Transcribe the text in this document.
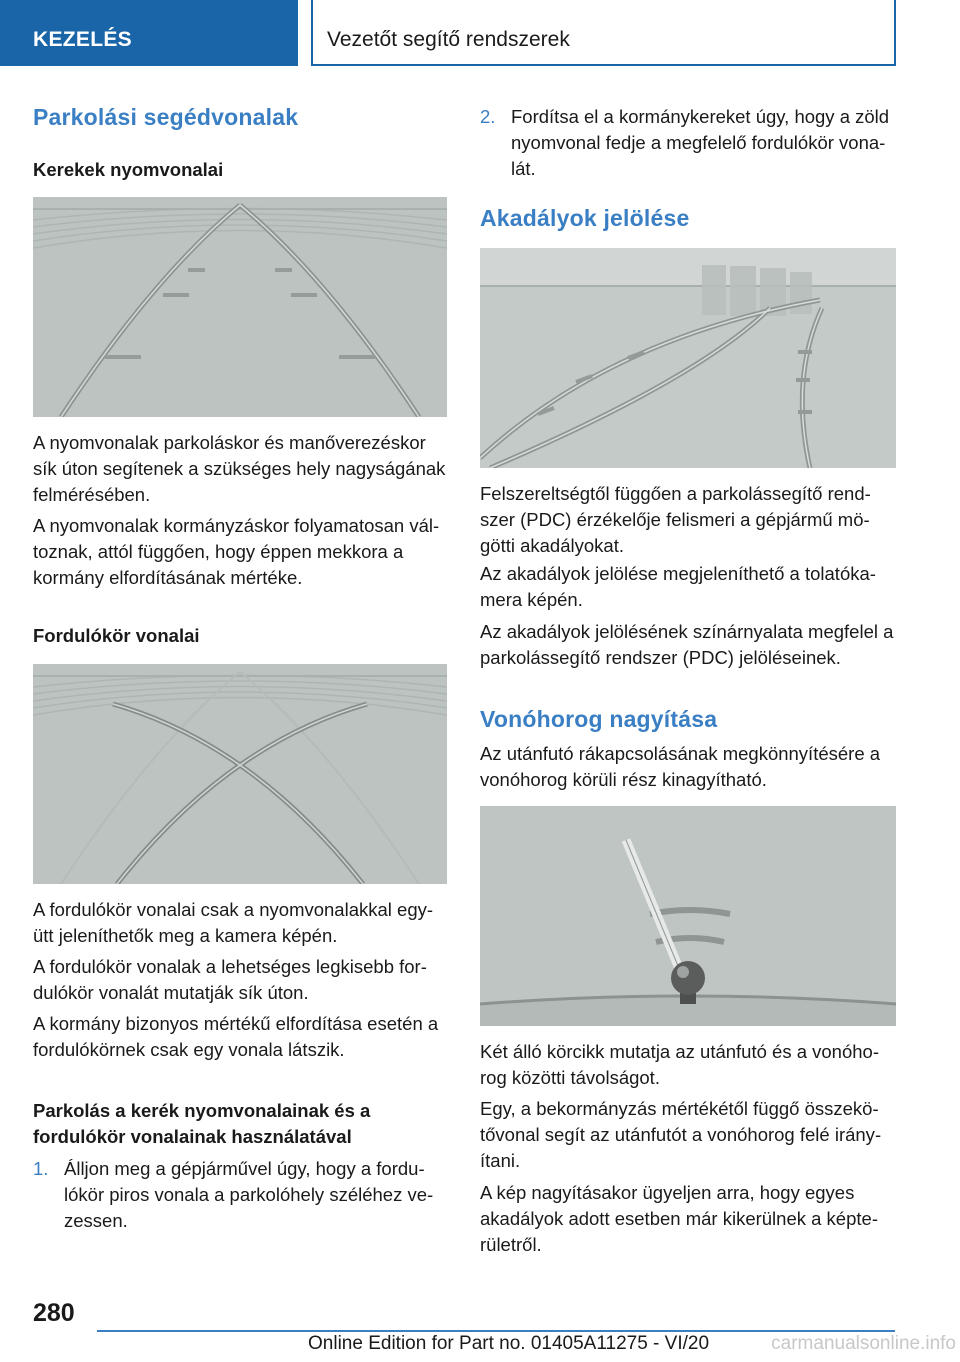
KEZELÉS	Vezetőt segítő rendszerek
Parkolási segédvonalak
Kerekek nyomvonalai

A nyomvonalak parkoláskor és manőverezéskor sík úton segítenek a szükséges hely nagyságának felmérésében.

A nyomvonalak kormányzáskor folyamatosan változnak, attól függően, hogy éppen mekkora a kormány elfordításának mértéke.

Fordulókör vonalai

A fordulókör vonalai csak a nyomvonalakkal együtt jeleníthetők meg a kamera képén.

A fordulókör vonalak a lehetséges legkisebb fordulókör vonalát mutatják sík úton.

A kormány bizonyos mértékű elfordítása esetén a fordulókörnek csak egy vonala látszik.

Parkolás a kerék nyomvonalainak és a fordulókör vonalainak használatával
1. Álljon meg a gépjárművel úgy, hogy a fordulókör piros vonala a parkolóhely széléhez vezessen.
2. Fordítsa el a kormánykereket úgy, hogy a zöld nyomvonal fedje a megfelelő fordulókör vonalát.
Akadályok jelölése

Felszereltségtől függően a parkolássegítő rendszer (PDC) érzékelője felismeri a gépjármű mögötti akadályokat.

Az akadályok jelölése megjeleníthető a tolatókamera képén.

Az akadályok jelölésének színárnyalata megfelel a parkolássegítő rendszer (PDC) jelöléseinek.

Vonóhorog nagyítása

Az utánfutó rákapcsolásának megkönnyítésére a vonóhorog körüli rész kinagyítható.

Két álló körcikk mutatja az utánfutó és a vonóhorog közötti távolságot.

Egy, a bekormányzás mértékétől függő összekötővonal segít az utánfutót a vonóhorog felé irányítani.

A kép nagyításakor ügyeljen arra, hogy egyes akadályok adott esetben már kikerülnek a képterületről.

280
Online Edition for Part no. 01405A11275 - VI/20	carmanualsonline.info
